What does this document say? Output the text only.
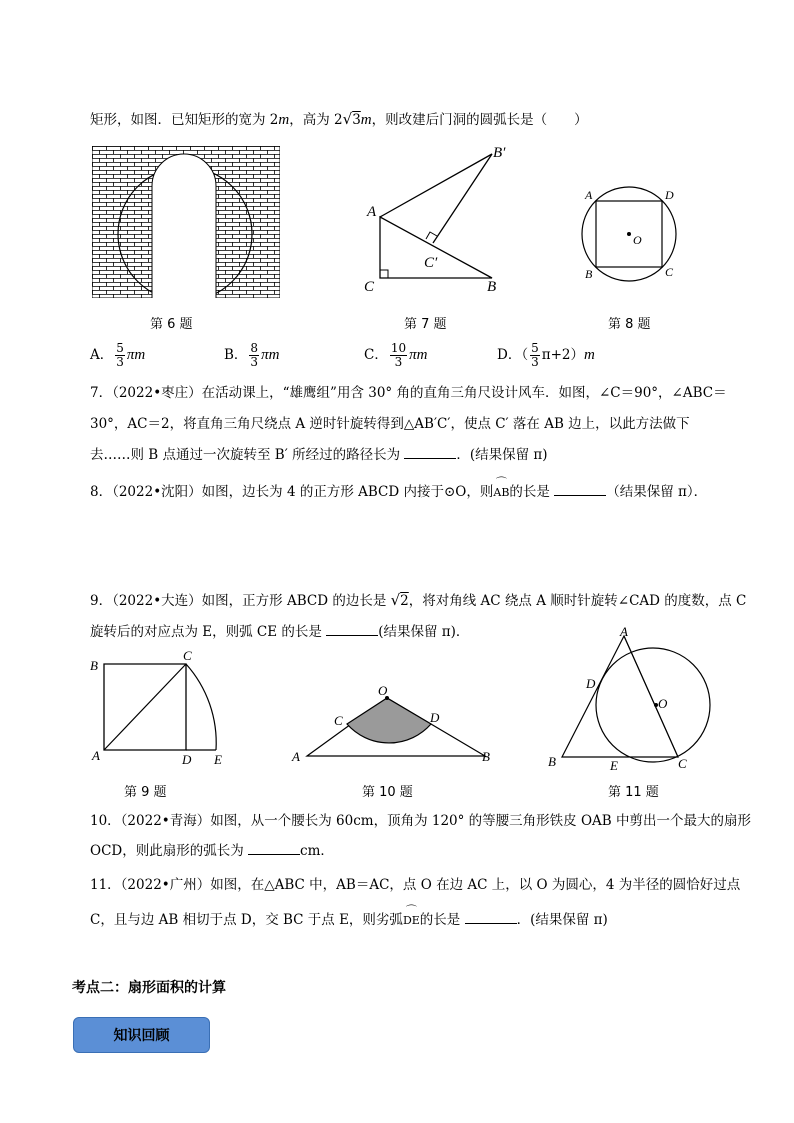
矩形，如图．已知矩形的宽为 2m，高为 2√3m，则改建后门洞的圆弧长是（　　）
A
B′
C′
C	B
A	D
O
B	C
第 6 题	第 7 题	第 8 题
A． $\frac{5}{3}$ πm	B． $\frac{8}{3}$ πm	C． $\frac{10}{3}$ πm	D．（ $\frac{5}{3} \pi+2)m$
7．（2022•枣庄）在活动课上，“雄鹰组”用含 30° 角的直角三角尺设计风车．如图，∠C＝90°，∠ABC＝
30°，AC＝2，将直角三角尺绕点 A 逆时针旋转得到△AB′C′，使点 C′ 落在 AB 边上，以此方法做下
去……则 B 点通过一次旋转至 B′ 所经过的路径长为	．(结果保留 π)
8．（2022•沈阳）如图，边长为 4 的正方形 ABCD 内接于⊙O，则⌒ AB的长是	（结果保留 π）．
9．（2022•大连）如图，正方形 ABCD 的边长是 √2，将对角线 AC 绕点 A 顺时针旋转∠CAD 的度数，点 C
旋转后的对应点为 E，则弧 CE 的长是	(结果保留 π)．
B
C
A	D E
O
C	D
A	B
A
D
O
B	E	C
第 9 题	第 10 题	第 11 题
10．（2022•青海）如图，从一个腰长为 60cm，顶角为 120° 的等腰三角形铁皮 OAB 中剪出一个最大的扇形
OCD，则此扇形的弧长为	cm．
11．（2022•广州）如图，在△ABC 中，AB＝AC，点 O 在边 AC 上，以 O 为圆心，4 为半径的圆恰好过点
C，且与边 AB 相切于点 D，交 BC 于点 E，则劣弧⌒ DE的长是	．(结果保留 π)
考点二：扇形面积的计算
知识回顾
